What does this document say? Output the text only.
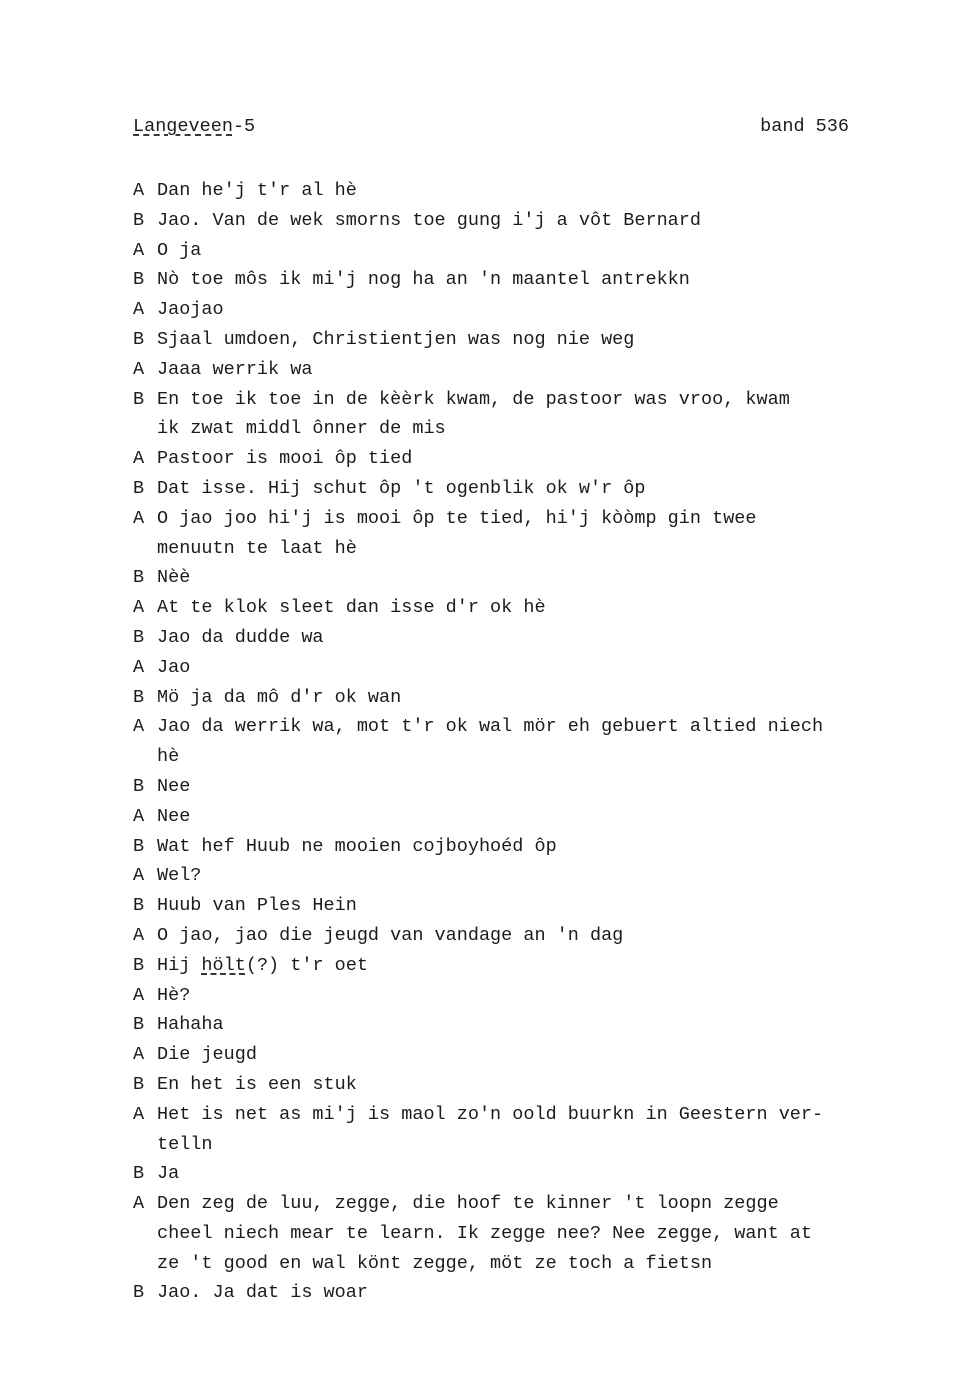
Langeveen-5	band 536
A Dan he'j t'r al hè
B Jao. Van de wek smorns toe gung i'j a vôt Bernard
A O ja
B Nò toe môs ik mi'j nog ha an 'n maantel antrekkn
A Jaojao
B Sjaal umdoen, Christientjen was nog nie weg
A Jaaa werrik wa
B En toe ik toe in de kèèrk kwam, de pastoor was vroo, kwam
ik zwat middl ônner de mis
A Pastoor is mooi ôp tied
B Dat isse. Hij schut ôp 't ogenblik ok w'r ôp
A O jao joo hi'j is mooi ôp te tied, hi'j kòòmp gin twee
menuutn te laat hè
B Nèè
A At te klok sleet dan isse d'r ok hè
B Jao da dudde wa
A Jao
B Mö ja da mô d'r ok wan
A Jao da werrik wa, mot t'r ok wal mör eh gebuert altied niech
hè
B Nee
A Nee
B Wat hef Huub ne mooien cojboyhoéd ôp
A Wel?
B Huub van Ples Hein
A O jao, jao die jeugd van vandage an 'n dag
B Hij hölt(?) t'r oet
A Hè?
B Hahaha
A Die jeugd
B En het is een stuk
A Het is net as mi'j is maol zo'n oold buurkn in Geestern ver-
telln
B Ja
A Den zeg de luu, zegge, die hoof te kinner 't loopn zegge
cheel niech mear te learn. Ik zegge nee? Nee zegge, want at
ze 't good en wal könt zegge, möt ze toch a fietsn
B Jao. Ja dat is woar
